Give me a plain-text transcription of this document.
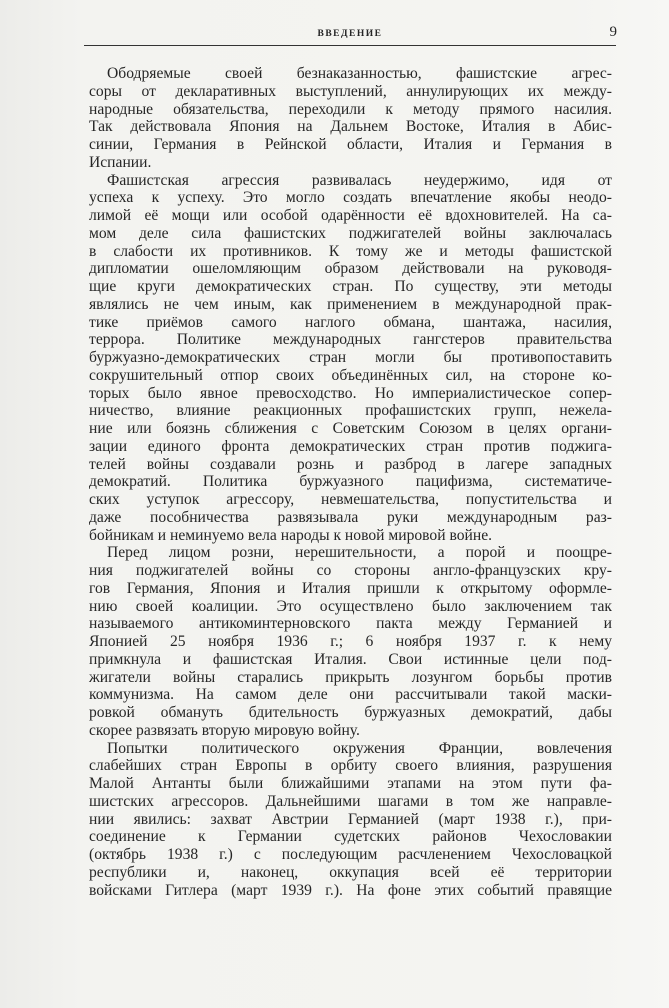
ВВЕДЕНИЕ	9
Ободряемые своей безнаказанностью, фашистские агрес-
соры от декларативных выступлений, аннулирующих их между-
народные обязательства, переходили к методу прямого насилия.
Так действовала Япония на Дальнем Востоке, Италия в Абис-
синии, Германия в Рейнской области, Италия и Германия в
Испании.
Фашистская агрессия развивалась неудержимо, идя от
успеха к успеху. Это могло создать впечатление якобы неодо-
лимой её мощи или особой одарённости её вдохновителей. На са-
мом деле сила фашистских поджигателей войны заключалась
в слабости их противников. К тому же и методы фашистской
дипломатии ошеломляющим образом действовали на руководя-
щие круги демократических стран. По существу, эти методы
являлись не чем иным, как применением в международной прак-
тике приёмов самого наглого обмана, шантажа, насилия,
террора. Политике международных гангстеров правительства
буржуазно-демократических стран могли бы противопоставить
сокрушительный отпор своих объединённых сил, на стороне ко-
торых было явное превосходство. Но империалистическое сопер-
ничество, влияние реакционных профашистских групп, нежела-
ние или боязнь сближения с Советским Союзом в целях органи-
зации единого фронта демократических стран против поджига-
телей войны создавали рознь и разброд в лагере западных
демократий. Политика буржуазного пацифизма, систематиче-
ских уступок агрессору, невмешательства, попустительства и
даже пособничества развязывала руки международным раз-
бойникам и неминуемо вела народы к новой мировой войне.
Перед лицом розни, нерешительности, а порой и поощре-
ния поджигателей войны со стороны англо-французских кру-
гов Германия, Япония и Италия пришли к открытому оформле-
нию своей коалиции. Это осуществлено было заключением так
называемого антикоминтерновского пакта между Германией и
Японией 25 ноября 1936 г.; 6 ноября 1937 г. к нему
примкнула и фашистская Италия. Свои истинные цели под-
жигатели войны старались прикрыть лозунгом борьбы против
коммунизма. На самом деле они рассчитывали такой маски-
ровкой обмануть бдительность буржуазных демократий, дабы
скорее развязать вторую мировую войну.
Попытки политического окружения Франции, вовлечения
слабейших стран Европы в орбиту своего влияния, разрушения
Малой Антанты были ближайшими этапами на этом пути фа-
шистских агрессоров. Дальнейшими шагами в том же направле-
нии явились: захват Австрии Германией (март 1938 г.), при-
соединение к Германии судетских районов Чехословакии
(октябрь 1938 г.) с последующим расчленением Чехословацкой
республики и, наконец, оккупация всей её территории
войсками Гитлера (март 1939 г.). На фоне этих событий правящие
